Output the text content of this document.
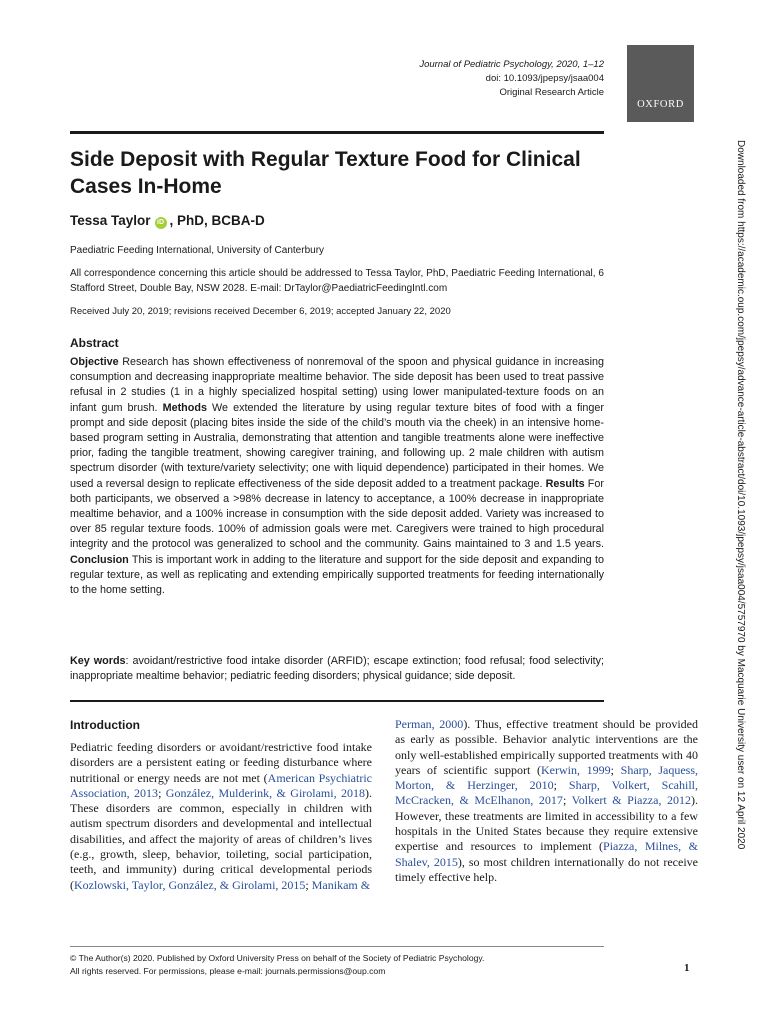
Journal of Pediatric Psychology, 2020, 1–12
doi: 10.1093/jpepsy/jsaa004
Original Research Article
OXFORD
Side Deposit with Regular Texture Food for Clinical Cases In-Home
Tessa Taylor iD , PhD, BCBA-D
Paediatric Feeding International, University of Canterbury
All correspondence concerning this article should be addressed to Tessa Taylor, PhD, Paediatric Feeding International, 6 Stafford Street, Double Bay, NSW 2028. E-mail: DrTaylor@PaediatricFeedingIntl.com
Received July 20, 2019; revisions received December 6, 2019; accepted January 22, 2020
Abstract
Objective Research has shown effectiveness of nonremoval of the spoon and physical guidance in increasing consumption and decreasing inappropriate mealtime behavior. The side deposit has been used to treat passive refusal in 2 studies (1 in a highly specialized hospital setting) using lower manipulated-texture foods on an infant gum brush. Methods We extended the literature by using regular texture bites of food with a finger prompt and side deposit (placing bites inside the side of the child’s mouth via the cheek) in an intensive home-based program setting in Australia, demonstrating that attention and tangible treatments alone were ineffective prior, fading the tangible treatment, showing caregiver training, and following up. 2 male children with autism spectrum disorder (with texture/variety selectivity; one with liquid dependence) participated in their homes. We used a reversal design to replicate effectiveness of the side deposit added to a treatment package. Results For both participants, we observed a >98% decrease in latency to acceptance, a 100% decrease in inappropriate mealtime behavior, and a 100% increase in consumption with the side deposit added. Variety was increased to over 85 regular texture foods. 100% of admission goals were met. Caregivers were trained to high procedural integrity and the protocol was generalized to school and the community. Gains maintained to 3 and 1.5 years. Conclusion This is important work in adding to the literature and support for the side deposit and expanding to regular texture, as well as replicating and extending empirically supported treatments for feeding internationally to the home setting.
Key words: avoidant/restrictive food intake disorder (ARFID); escape extinction; food refusal; food selectivity; inappropriate mealtime behavior; pediatric feeding disorders; physical guidance; side deposit.
Introduction
Pediatric feeding disorders or avoidant/restrictive food intake disorders are a persistent eating or feeding disturbance where nutritional or energy needs are not met (American Psychiatric Association, 2013; González, Mulderink, & Girolami, 2018). These disorders are common, especially in children with autism spectrum disorders and developmental and intellectual disabilities, and affect the majority of areas of children’s lives (e.g., growth, sleep, behavior, toileting, social participation, teeth, and immunity) during critical developmental periods (Kozlowski, Taylor, González, & Girolami, 2015; Manikam &
Perman, 2000). Thus, effective treatment should be provided as early as possible. Behavior analytic interventions are the only well-established empirically supported treatments with 40 years of scientific support (Kerwin, 1999; Sharp, Jaquess, Morton, & Herzinger, 2010; Sharp, Volkert, Scahill, McCracken, & McElhanon, 2017; Volkert & Piazza, 2012). However, these treatments are limited in accessibility to a few hospitals in the United States because they require extensive expertise and resources to implement (Piazza, Milnes, & Shalev, 2015), so most children internationally do not receive timely effective help.
© The Author(s) 2020. Published by Oxford University Press on behalf of the Society of Pediatric Psychology.
All rights reserved. For permissions, please e-mail: journals.permissions@oup.com	1
Downloaded from https://academic.oup.com/jpepsy/advance-article-abstract/doi/10.1093/jpepsy/jsaa004/5757970 by Macquarie University user on 12 April 2020
